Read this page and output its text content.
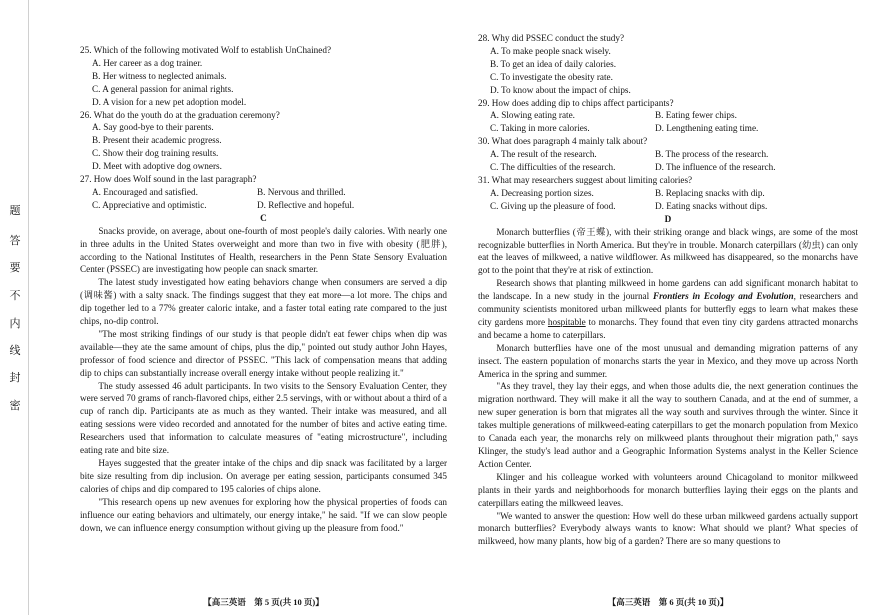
题
答
要
不
内
线
封
密

25. Which of the following motivated Wolf to establish UnChained?

A. Her career as a dog trainer.

B. Her witness to neglected animals.

C. A general passion for animal rights.

D. A vision for a new pet adoption model.

26. What do the youth do at the graduation ceremony?

A. Say good-bye to their parents.

B. Present their academic progress.

C. Show their dog training results.

D. Meet with adoptive dog owners.

27. How does Wolf sound in the last paragraph?

A. Encouraged and satisfied.	B. Nervous and thrilled.
C. Appreciative and optimistic.	D. Reflective and hopeful.

C

Snacks provide, on average, about one-fourth of most people's daily calories. With nearly one in three adults in the United States overweight and more than two in five with obesity (肥胖), according to the National Institutes of Health, researchers in the Penn State Sensory Evaluation Center (PSSEC) are investigating how people can snack smarter.

The latest study investigated how eating behaviors change when consumers are served a dip (调味酱) with a salty snack. The findings suggest that they eat more—a lot more. The chips and dip together led to a 77% greater caloric intake, and a faster total eating rate compared to the just chips, no-dip control.

"The most striking findings of our study is that people didn't eat fewer chips when dip was available—they ate the same amount of chips, plus the dip," pointed out study author John Hayes, professor of food science and director of PSSEC. "This lack of compensation means that adding dip to chips can substantially increase overall energy intake without people realizing it."

The study assessed 46 adult participants. In two visits to the Sensory Evaluation Center, they were served 70 grams of ranch-flavored chips, either 2.5 servings, with or without about a third of a cup of ranch dip. Participants ate as much as they wanted. Their intake was measured, and all eating sessions were video recorded and annotated for the number of bites and active eating time. Researchers used that information to calculate measures of "eating microstructure", including eating rate and bite size.

Hayes suggested that the greater intake of the chips and dip snack was facilitated by a larger bite size resulting from dip inclusion. On average per eating session, participants consumed 345 calories of chips and dip compared to 195 calories of chips alone.

"This research opens up new avenues for exploring how the physical properties of foods can influence our eating behaviors and ultimately, our energy intake," he said. "If we can slow people down, we can influence energy consumption without giving up the pleasure from food."

【高三英语　第 5 页(共 10 页)】

28. Why did PSSEC conduct the study?

A. To make people snack wisely.

B. To get an idea of daily calories.

C. To investigate the obesity rate.

D. To know about the impact of chips.

29. How does adding dip to chips affect participants?

A. Slowing eating rate.	B. Eating fewer chips.
C. Taking in more calories.	D. Lengthening eating time.

30. What does paragraph 4 mainly talk about?

A. The result of the research.	B. The process of the research.
C. The difficulties of the research.	D. The influence of the research.

31. What may researchers suggest about limiting calories?

A. Decreasing portion sizes.	B. Replacing snacks with dip.
C. Giving up the pleasure of food.	D. Eating snacks without dips.

D

Monarch butterflies (帝王蝶), with their striking orange and black wings, are some of the most recognizable butterflies in North America. But they're in trouble. Monarch caterpillars (幼虫) can only eat the leaves of milkweed, a native wildflower. As milkweed has disappeared, so the monarchs have got to the point that they're at risk of extinction.

Research shows that planting milkweed in home gardens can add significant monarch habitat to the landscape. In a new study in the journal Frontiers in Ecology and Evolution, researchers and community scientists monitored urban milkweed plants for butterfly eggs to learn what makes these city gardens more hospitable to monarchs. They found that even tiny city gardens attracted monarchs and became a home to caterpillars.

Monarch butterflies have one of the most unusual and demanding migration patterns of any insect. The eastern population of monarchs starts the year in Mexico, and they move up across North America in the spring and summer.

"As they travel, they lay their eggs, and when those adults die, the next generation continues the migration northward. They will make it all the way to southern Canada, and at the end of summer, a new super generation is born that migrates all the way south and survives through the winter. Since it takes multiple generations of milkweed-eating caterpillars to get the monarch population from Mexico to Canada each year, the monarchs rely on milkweed plants throughout their migration path," says Klinger, the study's lead author and a Geographic Information Systems analyst in the Keller Science Action Center.

Klinger and his colleague worked with volunteers around Chicagoland to monitor milkweed plants in their yards and neighborhoods for monarch butterflies laying their eggs on the plants and caterpillars eating the milkweed leaves.

"We wanted to answer the question: How well do these urban milkweed gardens actually support monarch butterflies? Everybody always wants to know: What should we plant? What species of milkweed, how many plants, how big of a garden? There are so many questions to

【高三英语　第 6 页(共 10 页)】
